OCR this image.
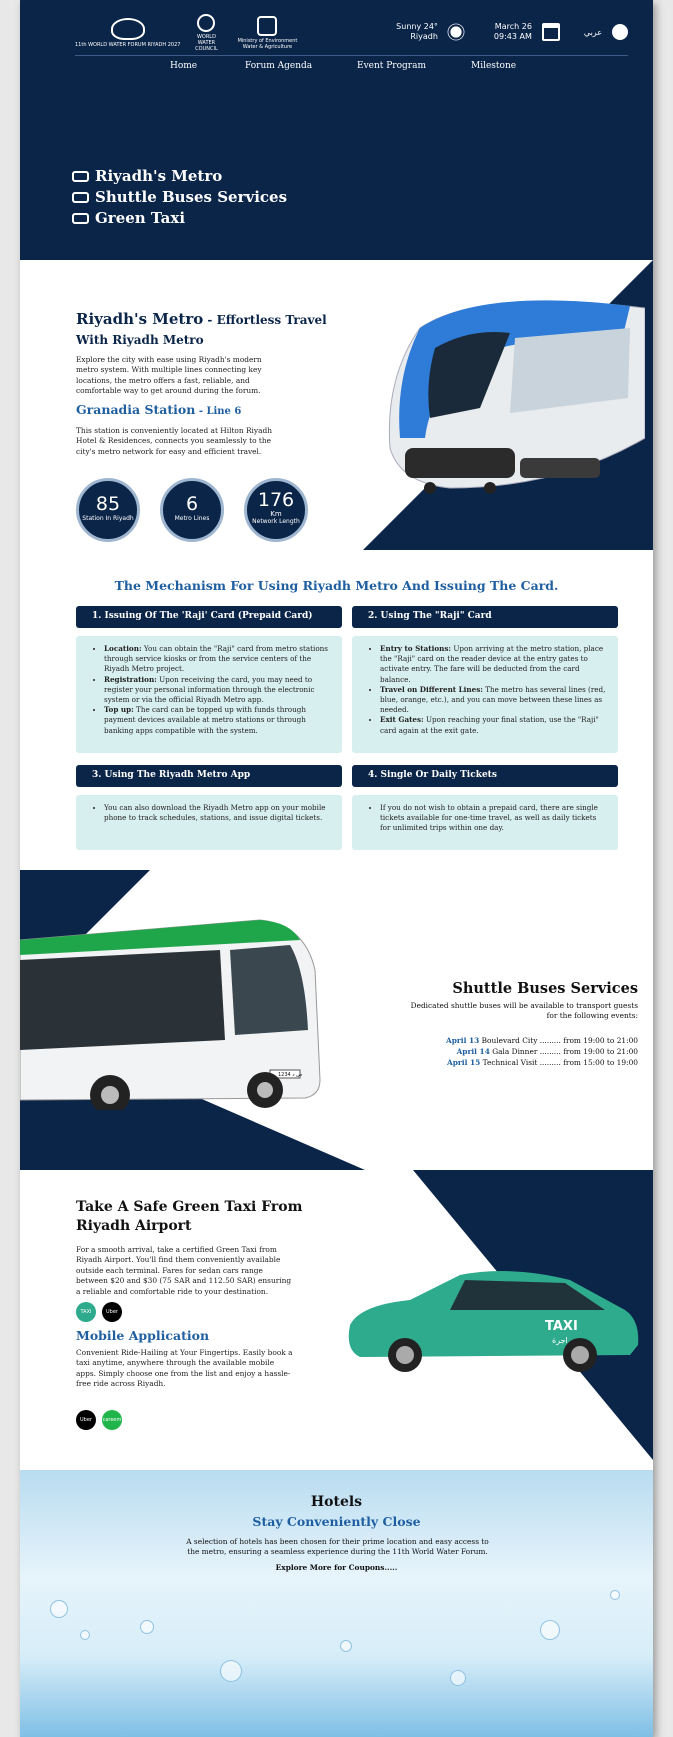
11th WORLD WATER FORUM RIYADH 2027
WORLD WATER COUNCIL
Ministry of Environment Water & Agriculture
Sunny 24°
Riyadh
March 26
09:43 AM	عربي
Home	Forum Agenda	Event Program	Milestone
Riyadh's Metro
Shuttle Buses Services
Green Taxi
Riyadh's Metro - Effortless Travel With Riyadh Metro
Explore the city with ease using Riyadh's modern metro system. With multiple lines connecting key locations, the metro offers a fast, reliable, and comfortable way to get around during the forum.
Granadia Station - Line 6
This station is conveniently located at Hilton Riyadh Hotel & Residences, connects you seamlessly to the city's metro network for easy and efficient travel.
85
Station In Riyadh
6
Metro Lines
176
Km
Network Length
The Mechanism For Using Riyadh Metro And Issuing The Card.
1. Issuing Of The 'Raji' Card (Prepaid Card)
• Location: You can obtain the "Raji" card from metro stations through service kiosks or from the service centers of the Riyadh Metro project.
• Registration: Upon receiving the card, you may need to register your personal information through the electronic system or via the official Riyadh Metro app.
• Top up: The card can be topped up with funds through payment devices available at metro stations or through banking apps compatible with the system.
2. Using The "Raji" Card
• Entry to Stations: Upon arriving at the metro station, place the "Raji" card on the reader device at the entry gates to activate entry. The fare will be deducted from the card balance.
• Travel on Different Lines: The metro has several lines (red, blue, orange, etc.), and you can move between these lines as needed.
• Exit Gates: Upon reaching your final station, use the "Raji" card again at the exit gate.
3. Using The Riyadh Metro App
• You can also download the Riyadh Metro app on your mobile phone to track schedules, stations, and issue digital tickets.
4. Single Or Daily Tickets
• If you do not wish to obtain a prepaid card, there are single tickets available for one-time travel, as well as daily tickets for unlimited trips within one day.
1234 ص د
Shuttle Buses Services
Dedicated shuttle buses will be available to transport guests for the following events:
April 13 Boulevard City ......... from 19:00 to 21:00
April 14 Gala Dinner ......... from 19:00 to 21:00
April 15 Technical Visit ......... from 15:00 to 19:00
TAXI
اجرة
Take A Safe Green Taxi From Riyadh Airport
For a smooth arrival, take a certified Green Taxi from Riyadh Airport. You'll find them conveniently available outside each terminal. Fares for sedan cars range between $20 and $30 (75 SAR and 112.50 SAR) ensuring a reliable and comfortable ride to your destination.
TAXI	Uber
Mobile Application
Convenient Ride-Hailing at Your Fingertips. Easily book a taxi anytime, anywhere through the available mobile apps. Simply choose one from the list and enjoy a hassle-free ride across Riyadh.
Uber	careem
Hotels
Stay Conveniently Close
A selection of hotels has been chosen for their prime location and easy access to the metro, ensuring a seamless experience during the 11th World Water Forum.
Explore More for Coupons.....
